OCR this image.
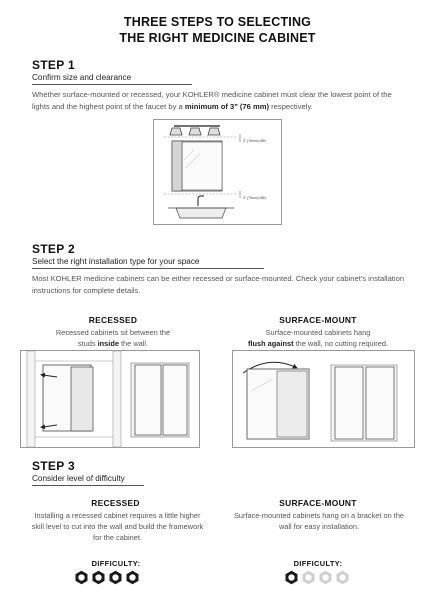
THREE STEPS TO SELECTING
THE RIGHT MEDICINE CABINET
STEP 1
Confirm size and clearance
Whether surface-mounted or recessed, your KOHLER® medicine cabinet must clear the lowest point of the lights and the highest point of the faucet by a minimum of 3" (76 mm) respectively.
3" (76mm) MIN
3" (76mm) MIN
STEP 2
Select the right installation type for your space
Most KOHLER medicine cabinets can be either recessed or surface-mounted. Check your cabinet's installation instructions for complete details.
RECESSED
Recessed cabinets sit between the
studs inside the wall.
SURFACE-MOUNT
Surface-mounted cabinets hang
flush against the wall, no cutting required.
STEP 3
Consider level of difficulty
RECESSED
Installing a recessed cabinet requires a little higher skill level to cut into the wall and build the framework for the cabinet.
SURFACE-MOUNT
Surface-mounted cabinets hang on a bracket on the wall for easy installation.
DIFFICULTY:	DIFFICULTY:
